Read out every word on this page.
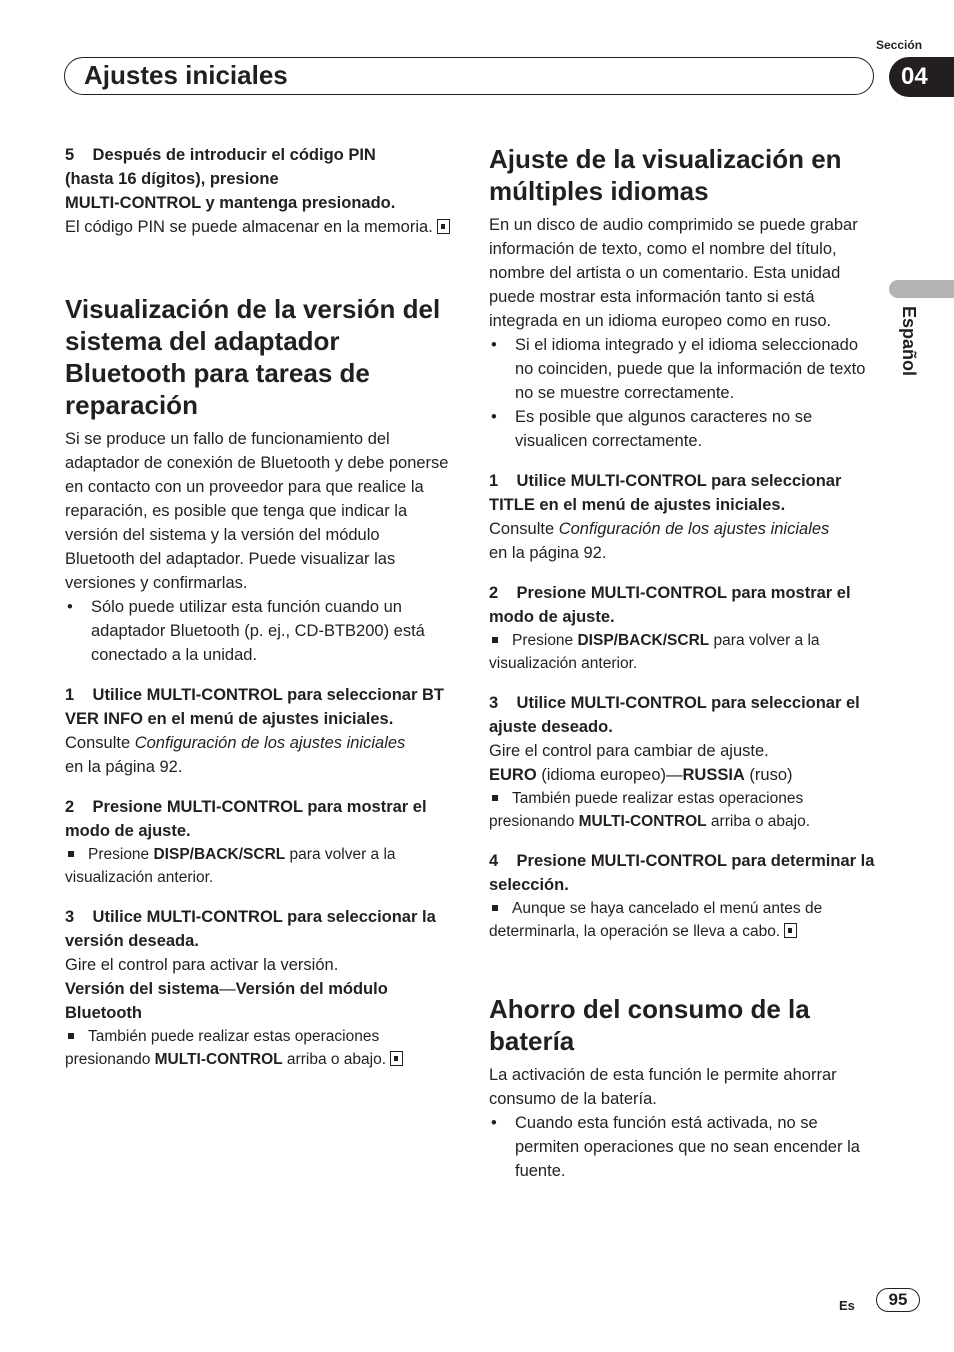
Sección
Ajustes iniciales	04
Español

5 Después de introducir el código PIN
(hasta 16 dígitos), presione
MULTI-CONTROL y mantenga presionado.

El código PIN se puede almacenar en la memoria.

Visualización de la versión del sistema del adaptador Bluetooth para tareas de reparación

Si se produce un fallo de funcionamiento del adaptador de conexión de Bluetooth y debe ponerse en contacto con un proveedor para que realice la reparación, es posible que tenga que indicar la versión del sistema y la versión del módulo Bluetooth del adaptador. Puede visualizar las versiones y confirmarlas.

• Sólo puede utilizar esta función cuando un adaptador Bluetooth (p. ej., CD-BTB200) está conectado a la unidad.

1 Utilice MULTI-CONTROL para seleccionar BT VER INFO en el menú de ajustes iniciales.

Consulte Configuración de los ajustes iniciales
en la página 92.

2 Presione MULTI-CONTROL para mostrar el modo de ajuste.

Presione DISP/BACK/SCRL para volver a la visualización anterior.

3 Utilice MULTI-CONTROL para seleccionar la versión deseada.

Gire el control para activar la versión.

Versión del sistema—Versión del módulo Bluetooth

También puede realizar estas operaciones presionando MULTI-CONTROL arriba o abajo.

Ajuste de la visualización en múltiples idiomas

En un disco de audio comprimido se puede grabar información de texto, como el nombre del título, nombre del artista o un comentario. Esta unidad puede mostrar esta información tanto si está integrada en un idioma europeo como en ruso.

• Si el idioma integrado y el idioma seleccionado no coinciden, puede que la información de texto no se muestre correctamente.
• Es posible que algunos caracteres no se visualicen correctamente.

1 Utilice MULTI-CONTROL para seleccionar TITLE en el menú de ajustes iniciales.

Consulte Configuración de los ajustes iniciales
en la página 92.

2 Presione MULTI-CONTROL para mostrar el modo de ajuste.

Presione DISP/BACK/SCRL para volver a la visualización anterior.

3 Utilice MULTI-CONTROL para seleccionar el ajuste deseado.

Gire el control para cambiar de ajuste.

EURO (idioma europeo)—RUSSIA (ruso)

También puede realizar estas operaciones presionando MULTI-CONTROL arriba o abajo.

4 Presione MULTI-CONTROL para determinar la selección.

Aunque se haya cancelado el menú antes de determinarla, la operación se lleva a cabo.

Ahorro del consumo de la batería

La activación de esta función le permite ahorrar consumo de la batería.

• Cuando esta función está activada, no se permiten operaciones que no sean encender la fuente.
Es	95
